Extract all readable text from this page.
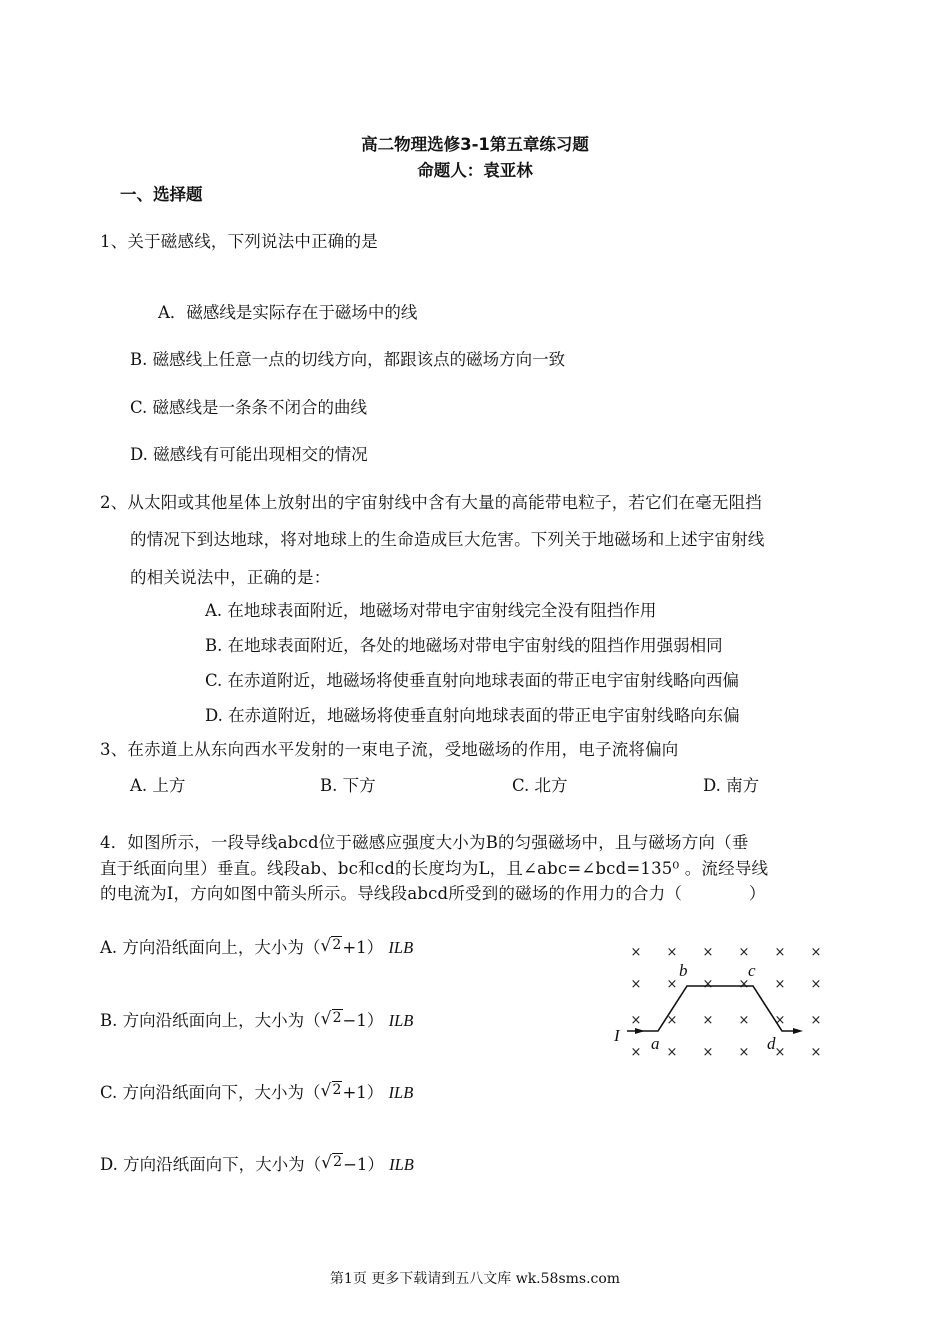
高二物理选修3-1第五章练习题
命题人：袁亚林
一、选择题
1、关于磁感线，下列说法中正确的是
A．磁感线是实际存在于磁场中的线
B. 磁感线上任意一点的切线方向，都跟该点的磁场方向一致
C. 磁感线是一条条不闭合的曲线
D. 磁感线有可能出现相交的情况
2、从太阳或其他星体上放射出的宇宙射线中含有大量的高能带电粒子，若它们在毫无阻挡
的情况下到达地球，将对地球上的生命造成巨大危害。下列关于地磁场和上述宇宙射线
的相关说法中，正确的是：
A. 在地球表面附近，地磁场对带电宇宙射线完全没有阻挡作用
B. 在地球表面附近，各处的地磁场对带电宇宙射线的阻挡作用强弱相同
C. 在赤道附近，地磁场将使垂直射向地球表面的带正电宇宙射线略向西偏
D. 在赤道附近，地磁场将使垂直射向地球表面的带正电宇宙射线略向东偏
3、在赤道上从东向西水平发射的一束电子流，受地磁场的作用，电子流将偏向
A. 上方	B. 下方	C. 北方	D. 南方
4．如图所示，一段导线abcd位于磁感应强度大小为B的匀强磁场中，且与磁场方向（垂
直于纸面向里）垂直。线段ab、bc和cd的长度均为L，且∠abc=∠bcd=135⁰ 。流经导线
的电流为I，方向如图中箭头所示。导线段abcd所受到的磁场的作用力的合力（　　　　）
A. 方向沿纸面向上，大小为（ √ 2+1） ILB
B. 方向沿纸面向上，大小为（ √ 2−1） ILB
C. 方向沿纸面向下，大小为（ √ 2+1） ILB
D. 方向沿纸面向下，大小为（ √ 2−1） ILB
× × × × × ×
× × × × × ×
× × × × × ×
× × × × × ×
I a
b	c
d
第1页 更多下载请到五八文库 wk.58sms.com
